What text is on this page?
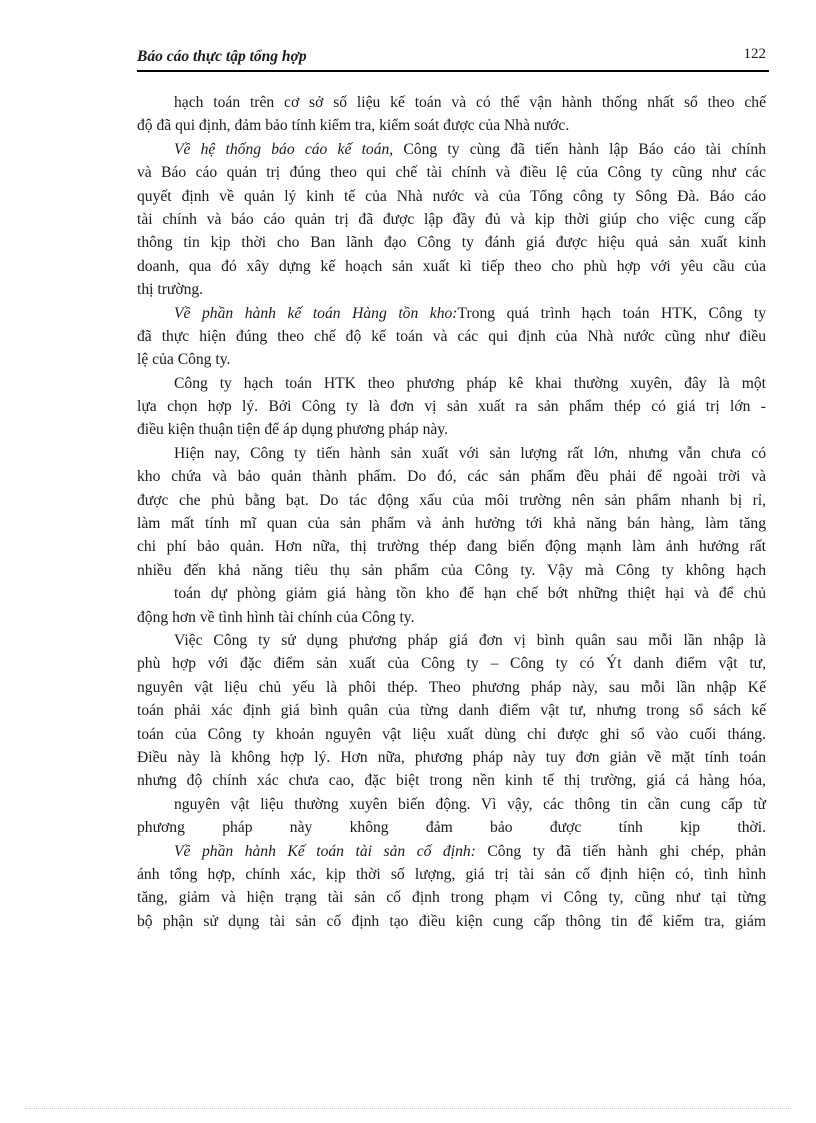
Báo cáo thực tập tổng hợp	122
hạch toán trên cơ sở số liệu kế toán và có thể vận hành thống nhất sổ theo chế
độ đã qui định, đảm bảo tính kiểm tra, kiểm soát được của Nhà nước.
Về hệ thống báo cáo kế toán, Công ty cùng đã tiến hành lập Báo cáo tài chính
và Báo cáo quản trị đúng theo qui chế tài chính và điều lệ của Công ty cũng như các
quyết định về quản lý kinh tế của Nhà nước và của Tổng công ty Sông Đà. Báo cáo
tài chính và báo cáo quản trị đã được lập đầy đủ và kịp thời giúp cho việc cung cấp
thông tin kịp thời cho Ban lãnh đạo Công ty đánh giá được hiệu quả sản xuất kinh
doanh, qua đó xây dựng kế hoạch sản xuất kì tiếp theo cho phù hợp với yêu cầu của
thị trường.
Về phần hành kế toán Hàng tồn kho:Trong quá trình hạch toán HTK, Công ty
đã thực hiện đúng theo chế độ kế toán và các qui định của Nhà nước cũng như điều
lệ của Công ty.
Công ty hạch toán HTK theo phương pháp kê khai thường xuyên, đây là một
lựa chọn hợp lý. Bởi Công ty là đơn vị sản xuất ra sản phẩm thép có giá trị lớn -
điều kiện thuận tiện để áp dụng phương pháp này.
Hiện nay, Công ty tiến hành sản xuất với sản lượng rất lớn, nhưng vẫn chưa có
kho chứa và bảo quản thành phẩm. Do đó, các sản phẩm đều phải để ngoài trời và
được che phủ bằng bạt. Do tác động xấu của môi trường nên sản phẩm nhanh bị rỉ,
làm mất tính mĩ quan của sản phẩm và ảnh hưởng tới khả năng bán hàng, làm tăng
chi phí bảo quản. Hơn nữa, thị trường thép đang biến động mạnh làm ảnh hưởng rất
nhiều đến khả năng tiêu thụ sản phẩm của Công ty. Vậy mà Công ty không hạch
toán dự phòng giảm giá hàng tồn kho để hạn chế bớt những thiệt hại và để chủ
động hơn về tình hình tài chính của Công ty.
Việc Công ty sử dụng phương pháp giá đơn vị bình quân sau mỗi lần nhập là
phù hợp với đặc điểm sản xuất của Công ty – Công ty có Ýt danh điểm vật tư,
nguyên vật liệu chủ yếu là phôi thép. Theo phương pháp này, sau mỗi lần nhập Kế
toán phải xác định giá bình quân của từng danh điểm vật tư, nhưng trong sổ sách kế
toán của Công ty khoản nguyên vật liệu xuất dùng chỉ được ghi sổ vào cuối tháng.
Điều này là không hợp lý. Hơn nữa, phương pháp này tuy đơn giản về mặt tính toán
nhưng độ chính xác chưa cao, đặc biệt trong nền kinh tế thị trường, giá cả hàng hóa,
nguyên vật liệu thường xuyên biến động. Vì vậy, các thông tin cần cung cấp từ
phương pháp này không đảm bảo được tính kịp thời.
Về phần hành Kế toán tài sản cố định: Công ty đã tiến hành ghi chép, phản
ánh tổng hợp, chính xác, kịp thời số lượng, giá trị tài sản cố định hiện có, tình hình
tăng, giảm và hiện trạng tài sản cố định trong phạm vi Công ty, cũng như tại từng
bộ phận sử dụng tài sản cố định tạo điều kiện cung cấp thông tin để kiểm tra, giám
